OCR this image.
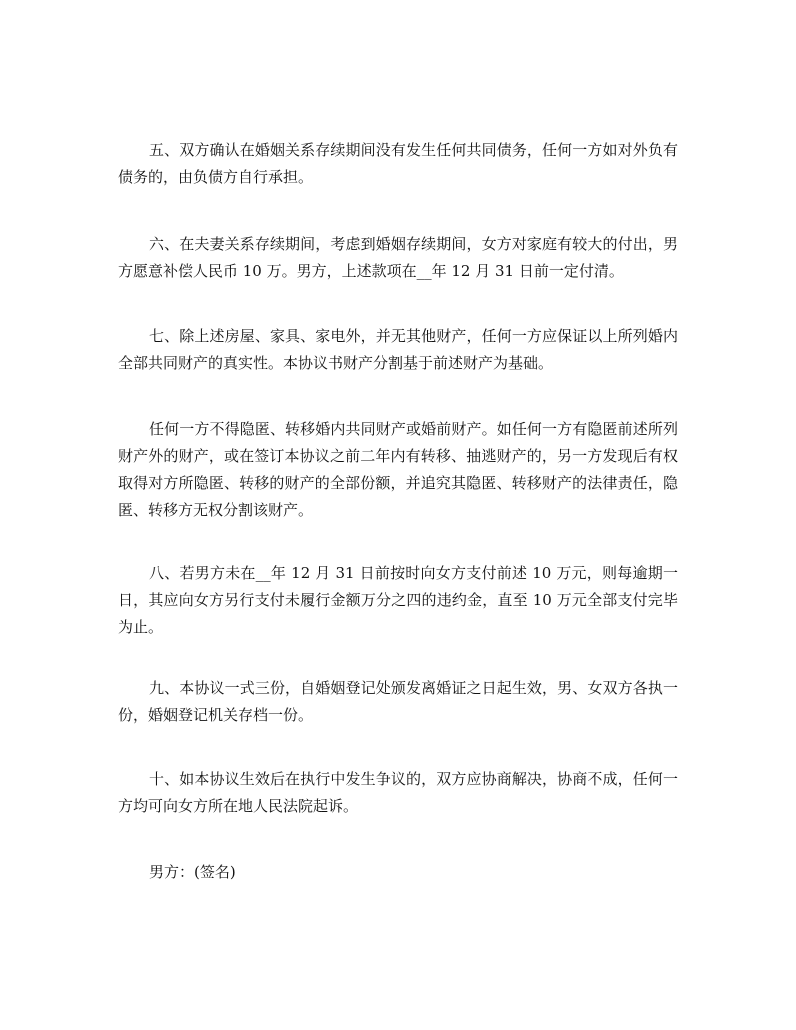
五、双方确认在婚姻关系存续期间没有发生任何共同债务，任何一方如对外负有债务的，由负债方自行承担。

六、在夫妻关系存续期间，考虑到婚姻存续期间，女方对家庭有较大的付出，男方愿意补偿人民币 10 万。男方，上述款项在__年 12 月 31 日前一定付清。

七、除上述房屋、家具、家电外，并无其他财产，任何一方应保证以上所列婚内全部共同财产的真实性。本协议书财产分割基于前述财产为基础。

任何一方不得隐匿、转移婚内共同财产或婚前财产。如任何一方有隐匿前述所列财产外的财产，或在签订本协议之前二年内有转移、抽逃财产的，另一方发现后有权取得对方所隐匿、转移的财产的全部份额，并追究其隐匿、转移财产的法律责任，隐匿、转移方无权分割该财产。

八、若男方未在__年 12 月 31 日前按时向女方支付前述 10 万元，则每逾期一日，其应向女方另行支付未履行金额万分之四的违约金，直至 10 万元全部支付完毕为止。

九、本协议一式三份，自婚姻登记处颁发离婚证之日起生效，男、女双方各执一份，婚姻登记机关存档一份。

十、如本协议生效后在执行中发生争议的，双方应协商解决，协商不成，任何一方均可向女方所在地人民法院起诉。

男方：(签名)
